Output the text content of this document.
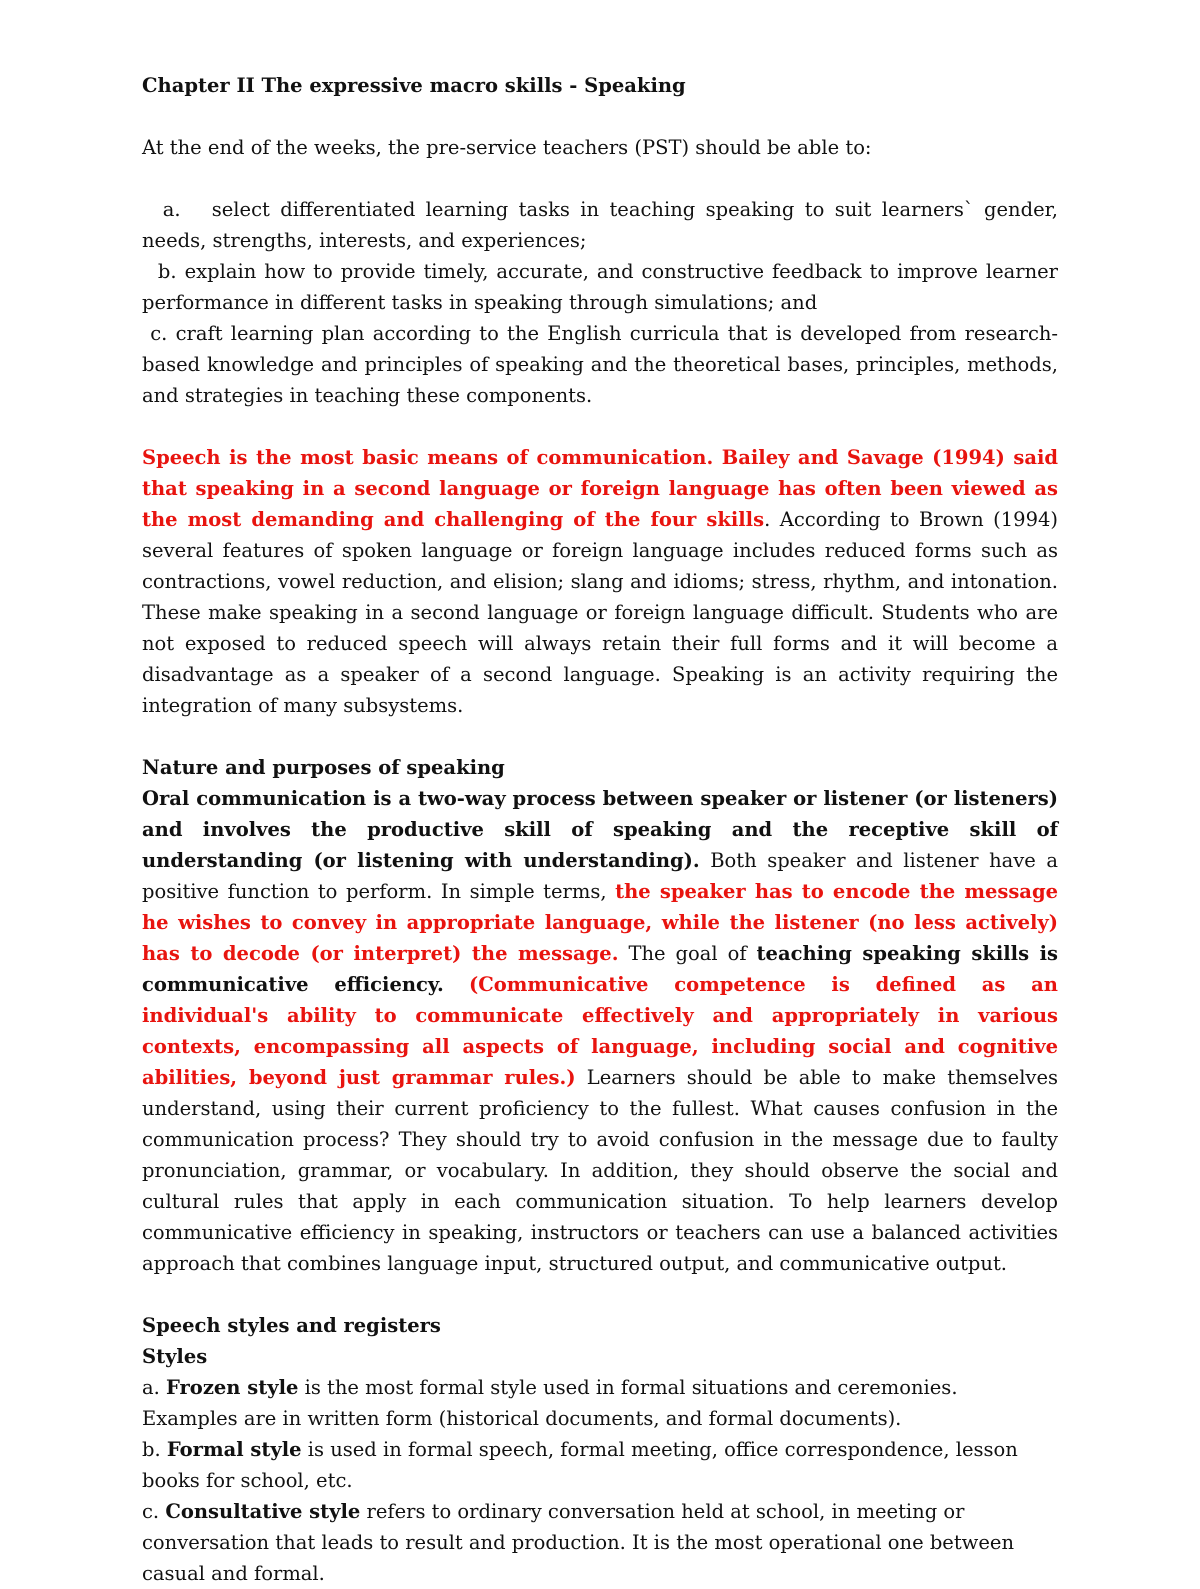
Chapter II The expressive macro skills - Speaking

At the end of the weeks, the pre-service teachers (PST) should be able to:

a. select differentiated learning tasks in teaching speaking to suit learners` gender, needs, strengths, interests, and experiences;

b. explain how to provide timely, accurate, and constructive feedback to improve learner performance in different tasks in speaking through simulations; and

c. craft learning plan according to the English curricula that is developed from research-based knowledge and principles of speaking and the theoretical bases, principles, methods, and strategies in teaching these components.

Speech is the most basic means of communication. Bailey and Savage (1994) said that speaking in a second language or foreign language has often been viewed as the most demanding and challenging of the four skills. According to Brown (1994) several features of spoken language or foreign language includes reduced forms such as contractions, vowel reduction, and elision; slang and idioms; stress, rhythm, and intonation. These make speaking in a second language or foreign language difficult. Students who are not exposed to reduced speech will always retain their full forms and it will become a disadvantage as a speaker of a second language. Speaking is an activity requiring the integration of many subsystems.

Nature and purposes of speaking

Oral communication is a two-way process between speaker or listener (or listeners) and involves the productive skill of speaking and the receptive skill of understanding (or listening with understanding). Both speaker and listener have a positive function to perform. In simple terms, the speaker has to encode the message he wishes to convey in appropriate language, while the listener (no less actively) has to decode (or interpret) the message. The goal of teaching speaking skills is communicative efficiency. (Communicative competence is defined as an individual's ability to communicate effectively and appropriately in various contexts, encompassing all aspects of language, including social and cognitive abilities, beyond just grammar rules.) Learners should be able to make themselves understand, using their current proficiency to the fullest. What causes confusion in the communication process? They should try to avoid confusion in the message due to faulty pronunciation, grammar, or vocabulary. In addition, they should observe the social and cultural rules that apply in each communication situation. To help learners develop communicative efficiency in speaking, instructors or teachers can use a balanced activities approach that combines language input, structured output, and communicative output.

Speech styles and registers

Styles

a. Frozen style is the most formal style used in formal situations and ceremonies.

Examples are in written form (historical documents, and formal documents).

b. Formal style is used in formal speech, formal meeting, office correspondence, lesson books for school, etc.

c. Consultative style refers to ordinary conversation held at school, in meeting or conversation that leads to result and production. It is the most operational one between casual and formal.
